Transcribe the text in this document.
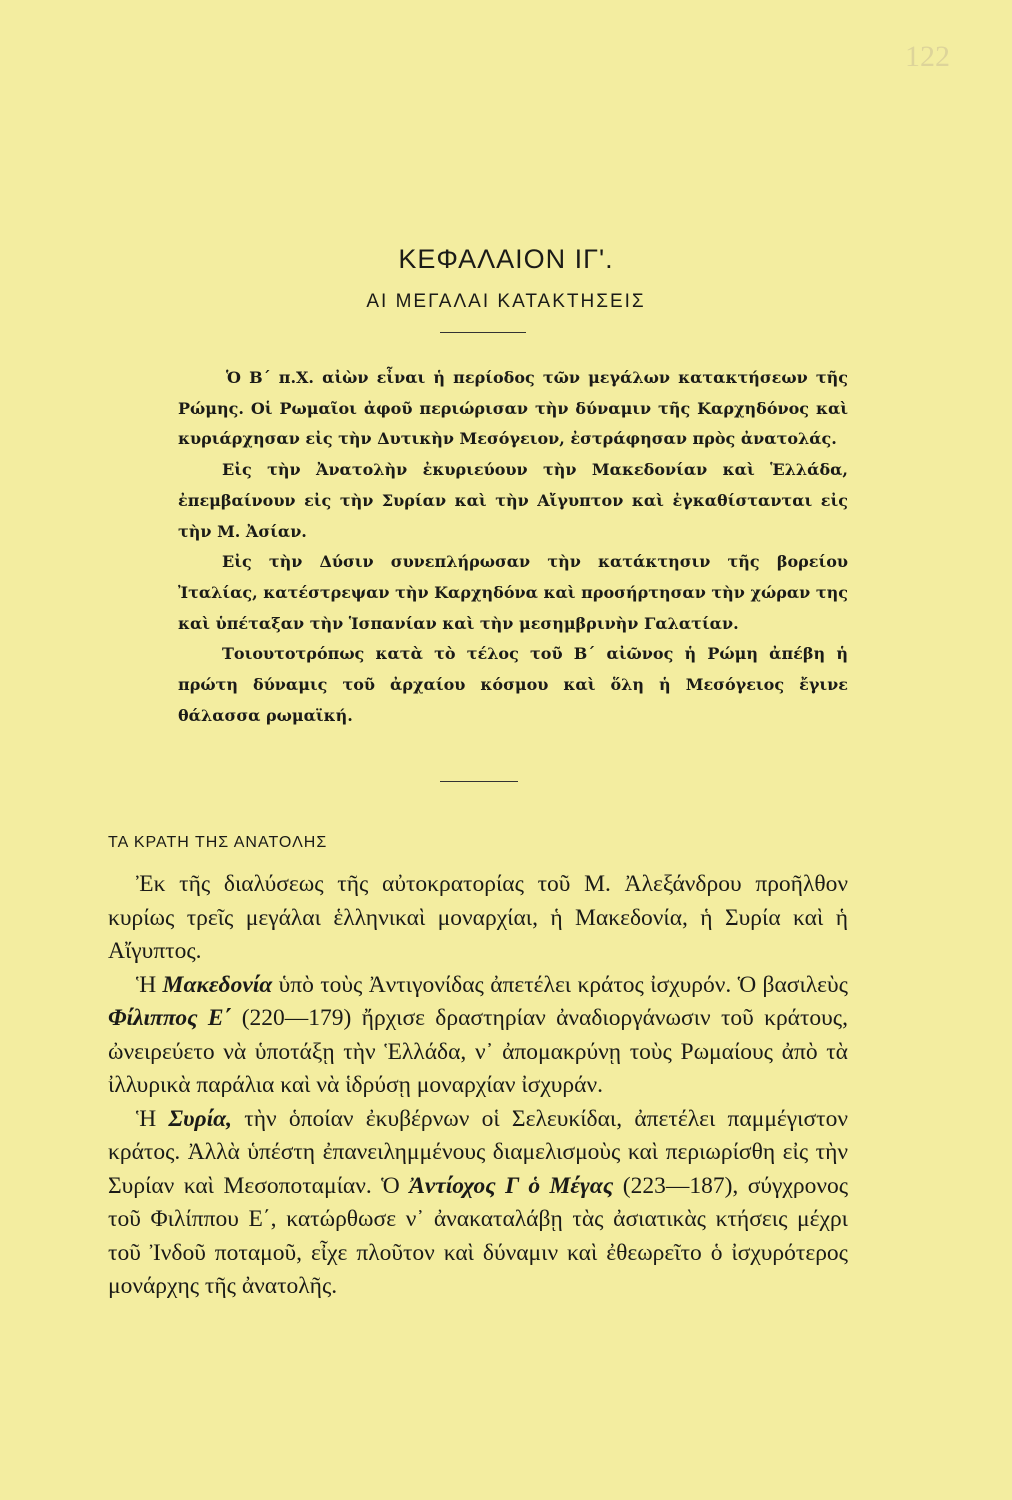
122
ΚΕΦΑΛΑΙΟΝ ΙΓ'.
ΑΙ ΜΕΓΑΛΑΙ ΚΑΤΑΚΤΗΣΕΙΣ

Ὁ Β΄ π.Χ. αἰὼν εἶναι ἡ περίοδος τῶν μεγάλων κατακτήσεων τῆς Ρώμης. Οἱ Ρωμαῖοι ἀφοῦ περιώρισαν τὴν δύναμιν τῆς Καρχηδόνος καὶ κυριάρχησαν εἰς τὴν Δυτικὴν Μεσόγειον, ἐστράφησαν πρὸς ἀνατολάς.

Εἰς τὴν Ἀνατολὴν ἐκυριεύουν τὴν Μακεδονίαν καὶ Ἑλλάδα, ἐπεμβαίνουν εἰς τὴν Συρίαν καὶ τὴν Αἴγυπτον καὶ ἐγκαθίστανται εἰς τὴν Μ. Ἀσίαν.

Εἰς τὴν Δύσιν συνεπλήρωσαν τὴν κατάκτησιν τῆς βορείου Ἰταλίας, κατέστρεψαν τὴν Καρχηδόνα καὶ προσήρτησαν τὴν χώραν της καὶ ὑπέταξαν τὴν Ἱσπανίαν καὶ τὴν μεσημβρινὴν Γαλατίαν.

Τοιουτοτρόπως κατὰ τὸ τέλος τοῦ Β΄ αἰῶνος ἡ Ρώμη ἀπέβη ἡ πρώτη δύναμις τοῦ ἀρχαίου κόσμου καὶ ὅλη ἡ Μεσόγειος ἔγινε θάλασσα ρωμαϊκή.

ΤΑ ΚΡΑΤΗ ΤΗΣ ΑΝΑΤΟΛΗΣ

Ἐκ τῆς διαλύσεως τῆς αὐτοκρατορίας τοῦ Μ. Ἀλεξάνδρου προῆλθον κυρίως τρεῖς μεγάλαι ἑλληνικαὶ μοναρχίαι, ἡ Μακεδονία, ἡ Συρία καὶ ἡ Αἴγυπτος.

Ἡ Μακεδονία ὑπὸ τοὺς Ἀντιγονίδας ἀπετέλει κράτος ἰσχυρόν. Ὁ βασιλεὺς Φίλιππος Ε΄ (220—179) ἤρχισε δραστηρίαν ἀναδιοργάνωσιν τοῦ κράτους, ὠνειρεύετο νὰ ὑποτάξῃ τὴν Ἑλλάδα, ν᾿ ἀπομακρύνῃ τοὺς Ρωμαίους ἀπὸ τὰ ἰλλυρικὰ παράλια καὶ νὰ ἱδρύσῃ μοναρχίαν ἰσχυράν.

Ἡ Συρία, τὴν ὁποίαν ἐκυβέρνων οἱ Σελευκίδαι, ἀπετέλει παμμέγιστον κράτος. Ἀλλὰ ὑπέστη ἐπανειλημμένους διαμελισμοὺς καὶ περιωρίσθη εἰς τὴν Συρίαν καὶ Μεσοποταμίαν. Ὁ Ἀντίοχος Γ ὁ Μέγας (223—187), σύγχρονος τοῦ Φιλίππου Ε΄, κατώρθωσε ν᾿ ἀνακαταλάβῃ τὰς ἀσιατικὰς κτήσεις μέχρι τοῦ Ἰνδοῦ ποταμοῦ, εἶχε πλοῦτον καὶ δύναμιν καὶ ἐθεωρεῖτο ὁ ἰσχυρότερος μονάρχης τῆς ἀνατολῆς.
